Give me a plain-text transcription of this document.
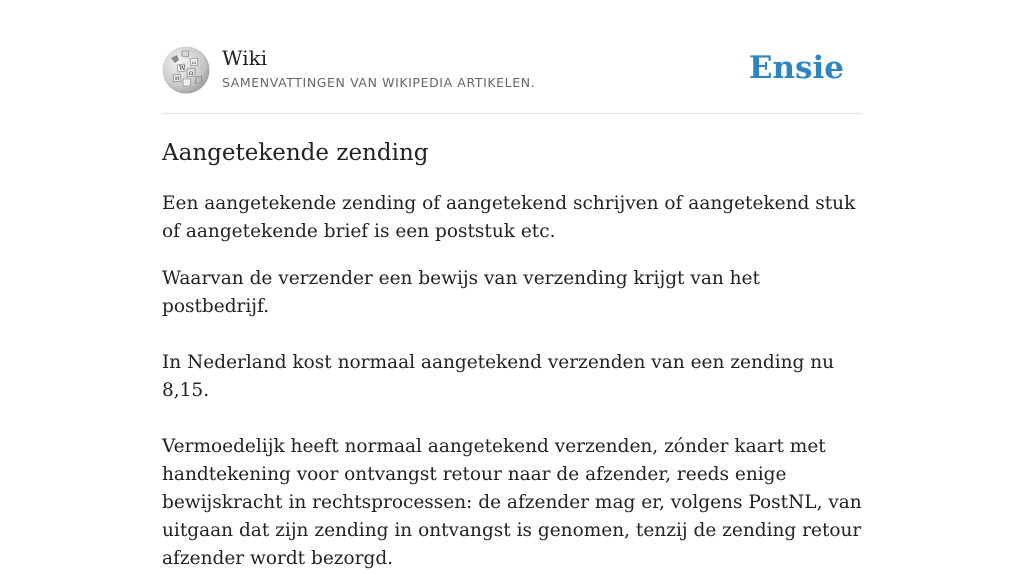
W
Ω
И
ω Wiki
SAMENVATTINGEN VAN WIKIPEDIA ARTIKELEN.	Ensie
Aangetekende zending

Een aangetekende zending of aangetekend schrijven of aangetekend stuk of aangetekende brief is een poststuk etc.

Waarvan de verzender een bewijs van verzending krijgt van het postbedrijf.

In Nederland kost normaal aangetekend verzenden van een zending nu 8,15.

Vermoedelijk heeft normaal aangetekend verzenden, zónder kaart met handtekening voor ontvangst retour naar de afzender, reeds enige bewijskracht in rechtsprocessen: de afzender mag er, volgens PostNL, van uitgaan dat zijn zending in ontvangst is genomen, tenzij de zending retour afzender wordt bezorgd.
